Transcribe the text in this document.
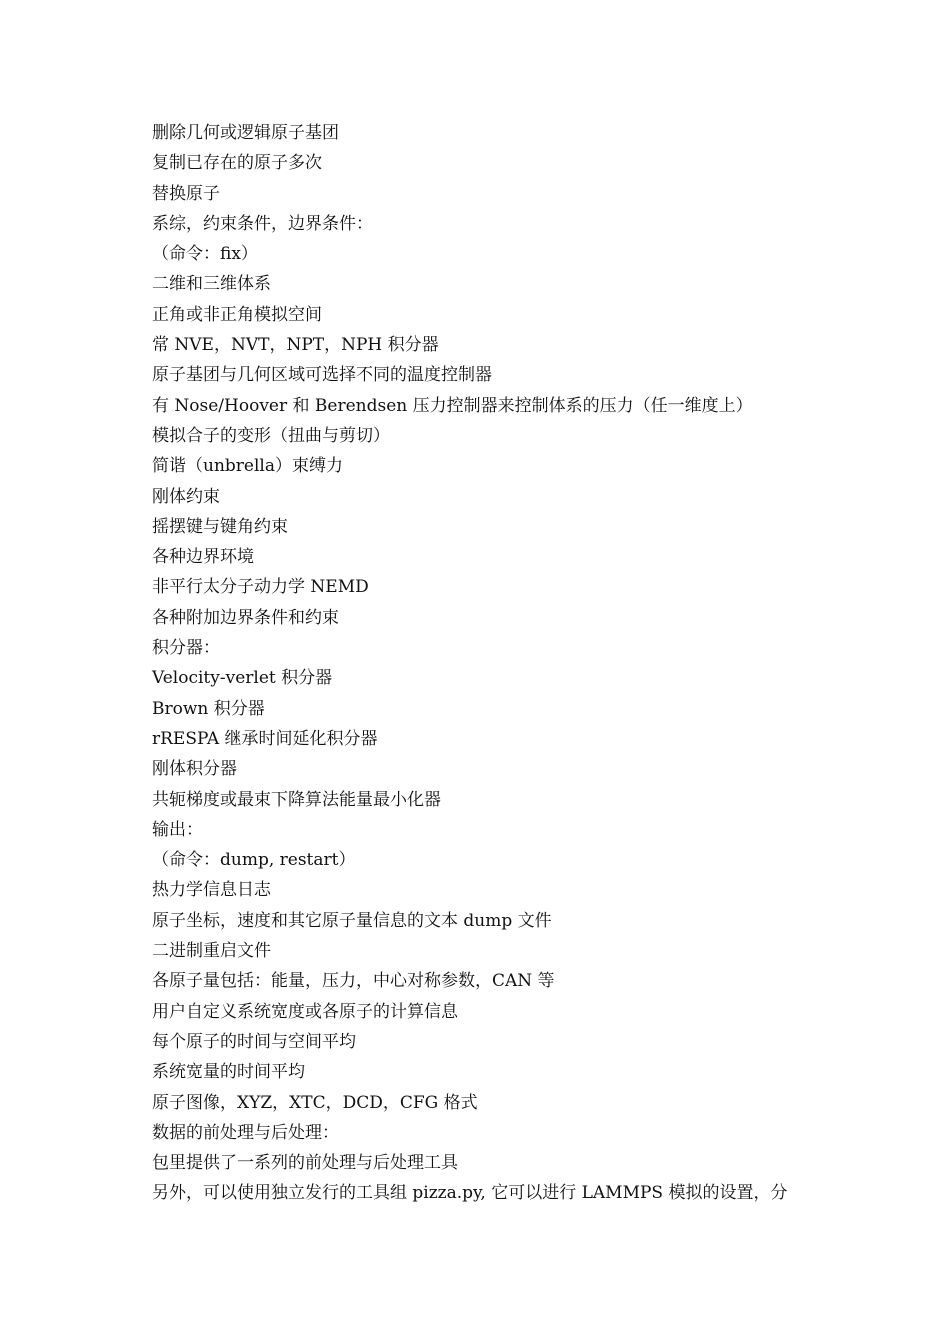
删除几何或逻辑原子基团
复制已存在的原子多次
替换原子
系综，约束条件，边界条件：
（命令：fix）
二维和三维体系
正角或非正角模拟空间
常 NVE，NVT，NPT，NPH 积分器
原子基团与几何区域可选择不同的温度控制器
有 Nose/Hoover 和 Berendsen 压力控制器来控制体系的压力（任一维度上）
模拟合子的变形（扭曲与剪切）
简谐（unbrella）束缚力
刚体约束
摇摆键与键角约束
各种边界环境
非平行太分子动力学 NEMD
各种附加边界条件和约束
积分器：
Velocity-verlet 积分器
Brown 积分器
rRESPA 继承时间延化积分器
刚体积分器
共轭梯度或最束下降算法能量最小化器
输出：
（命令：dump, restart）
热力学信息日志
原子坐标，速度和其它原子量信息的文本 dump 文件
二进制重启文件
各原子量包括：能量，压力，中心对称参数，CAN 等
用户自定义系统宽度或各原子的计算信息
每个原子的时间与空间平均
系统宽量的时间平均
原子图像，XYZ，XTC，DCD，CFG 格式
数据的前处理与后处理：
包里提供了一系列的前处理与后处理工具
另外，可以使用独立发行的工具组 pizza.py, 它可以进行 LAMMPS 模拟的设置，分
